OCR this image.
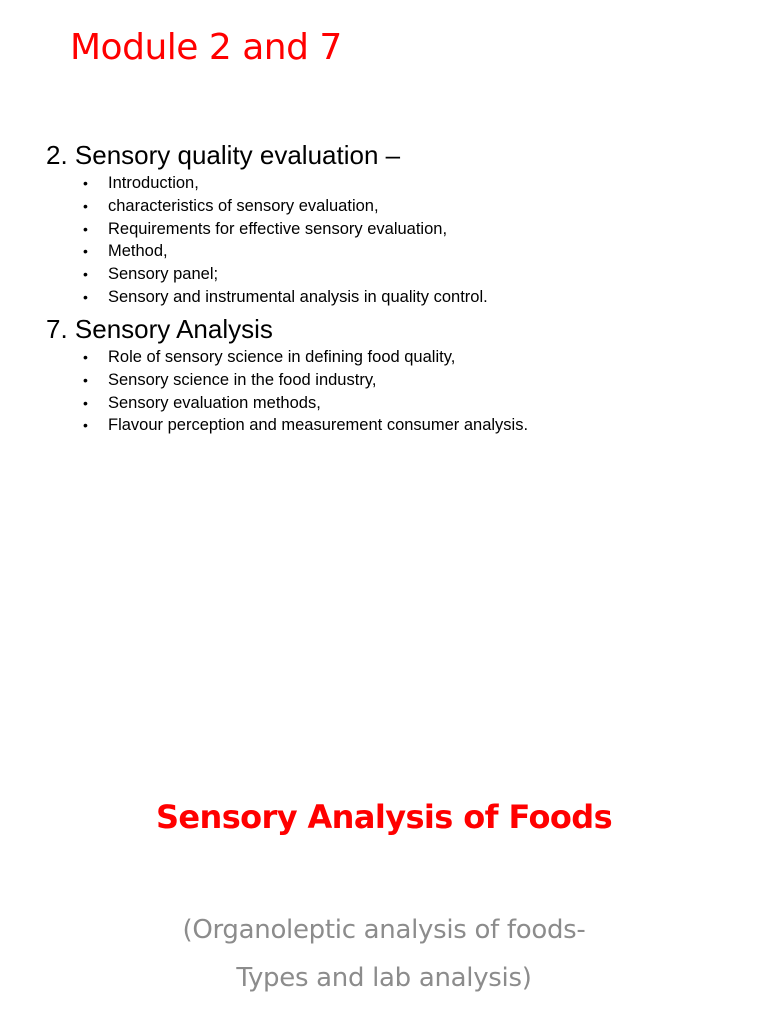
Module 2 and 7
2. Sensory quality evaluation –
• Introduction,
• characteristics of sensory evaluation,
• Requirements for effective sensory evaluation,
• Method,
• Sensory panel;
• Sensory and instrumental analysis in quality control.
7. Sensory Analysis
• Role of sensory science in defining food quality,
• Sensory science in the food industry,
• Sensory evaluation methods,
• Flavour perception and measurement consumer analysis.
Sensory Analysis of Foods

(Organoleptic analysis of foods-
Types and lab analysis)
